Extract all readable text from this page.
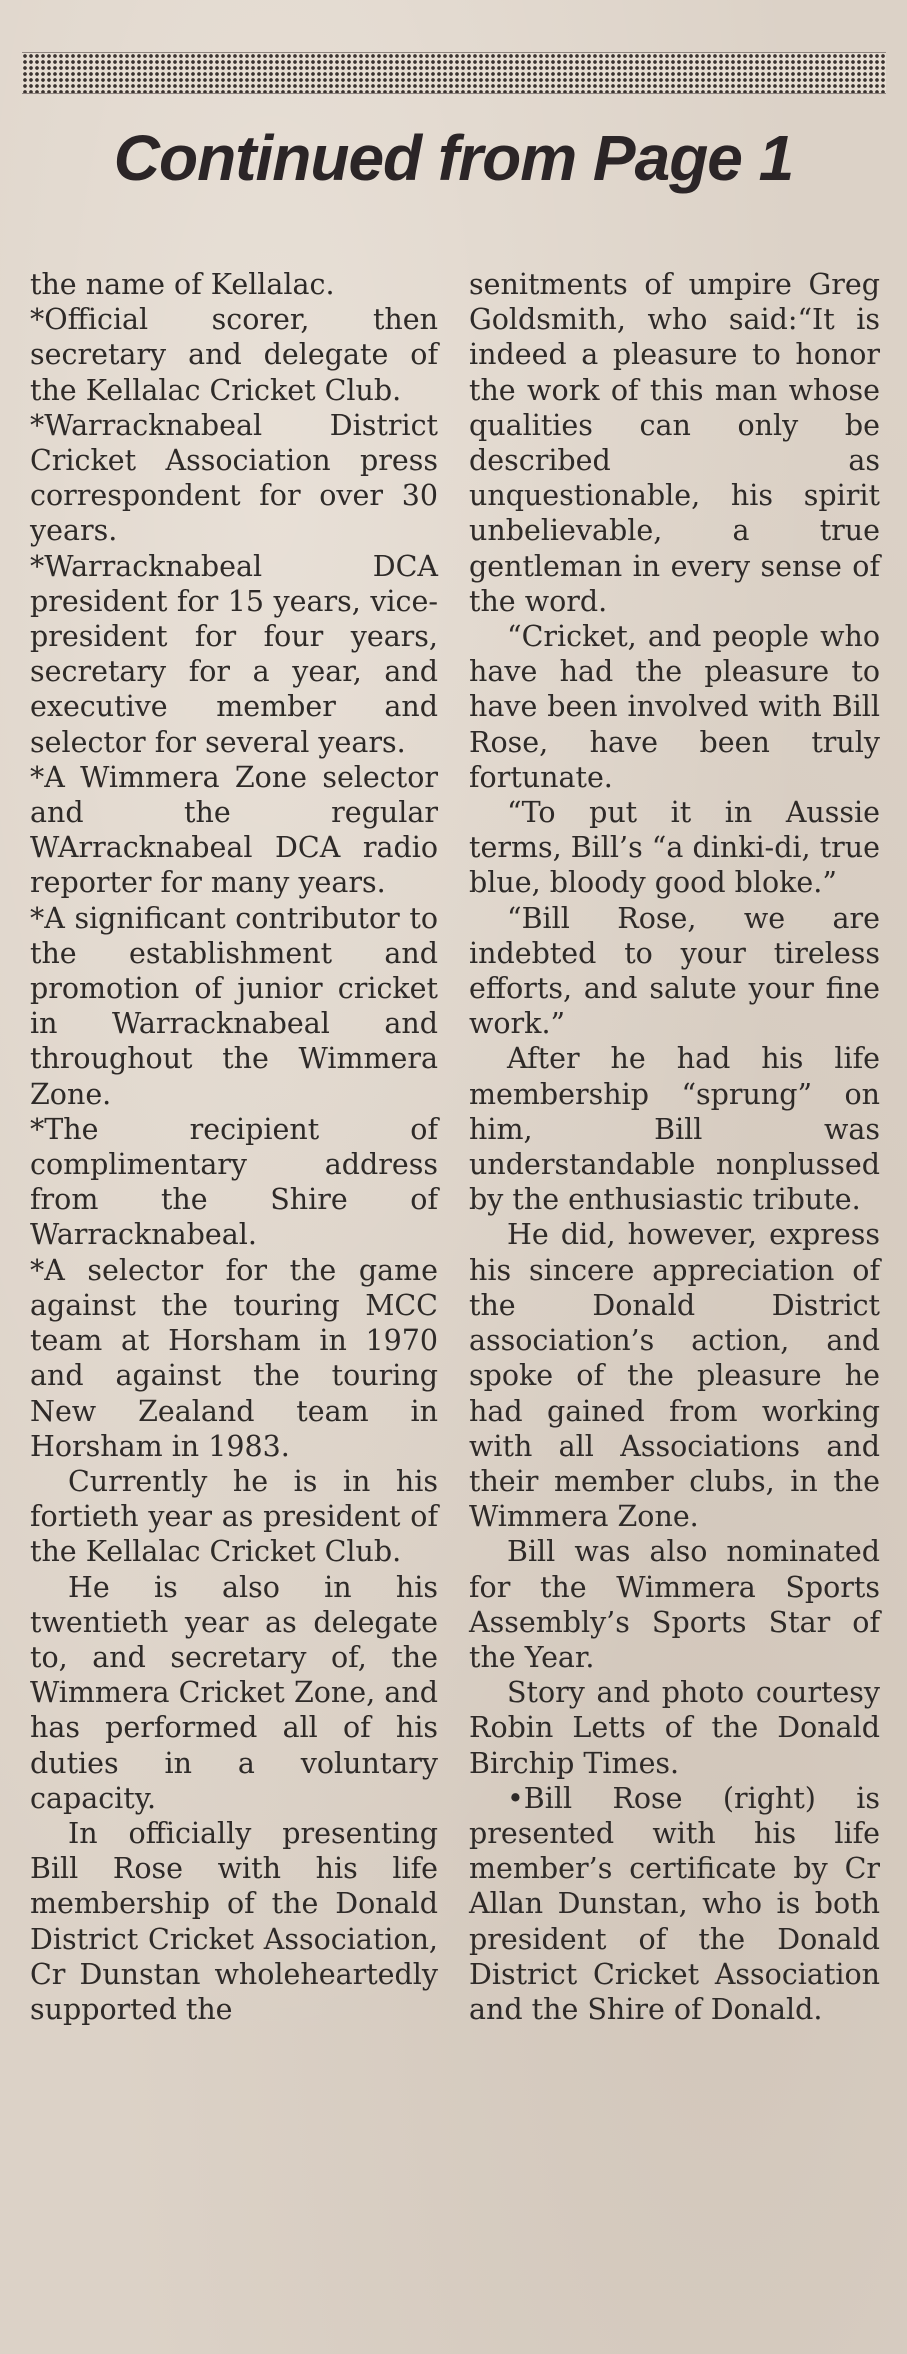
Continued from Page 1

the name of Kellalac.

*Official scorer, then secretary and delegate of the Kellalac Cricket Club.

*Warracknabeal District Cricket Association press correspondent for over 30 years.

*Warracknabeal DCA president for 15 years, vice-president for four years, secretary for a year, and executive member and selector for several years.

*A Wimmera Zone selector and the regular WArracknabeal DCA radio reporter for many years.

*A significant contributor to the establishment and promotion of junior cricket in Warracknabeal and throughout the Wimmera Zone.

*The recipient of complimentary address from the Shire of Warracknabeal.

*A selector for the game against the touring MCC team at Horsham in 1970 and against the touring New Zealand team in Horsham in 1983.

Currently he is in his fortieth year as president of the Kellalac Cricket Club.

He is also in his twentieth year as delegate to, and secretary of, the Wimmera Cricket Zone, and has performed all of his duties in a voluntary capacity.

In officially presenting Bill Rose with his life membership of the Donald District Cricket Association, Cr Dunstan wholeheartedly supported the

senitments of umpire Greg Goldsmith, who said:“It is indeed a pleasure to honor the work of this man whose qualities can only be described as unquestionable, his spirit unbelievable, a true gentleman in every sense of the word.

“Cricket, and people who have had the pleasure to have been involved with Bill Rose, have been truly fortunate.

“To put it in Aussie terms, Bill’s “a dinki-di, true blue, bloody good bloke.”

“Bill Rose, we are indebted to your tireless efforts, and salute your fine work.”

After he had his life membership “sprung” on him, Bill was understandable nonplussed by the enthusiastic tribute.

He did, however, express his sincere appreciation of the Donald District association’s action, and spoke of the pleasure he had gained from working with all Associations and their member clubs, in the Wimmera Zone.

Bill was also nominated for the Wimmera Sports Assembly’s Sports Star of the Year.

Story and photo courtesy Robin Letts of the Donald Birchip Times.

•Bill Rose (right) is presented with his life member’s certificate by Cr Allan Dunstan, who is both president of the Donald District Cricket Association and the Shire of Donald.
